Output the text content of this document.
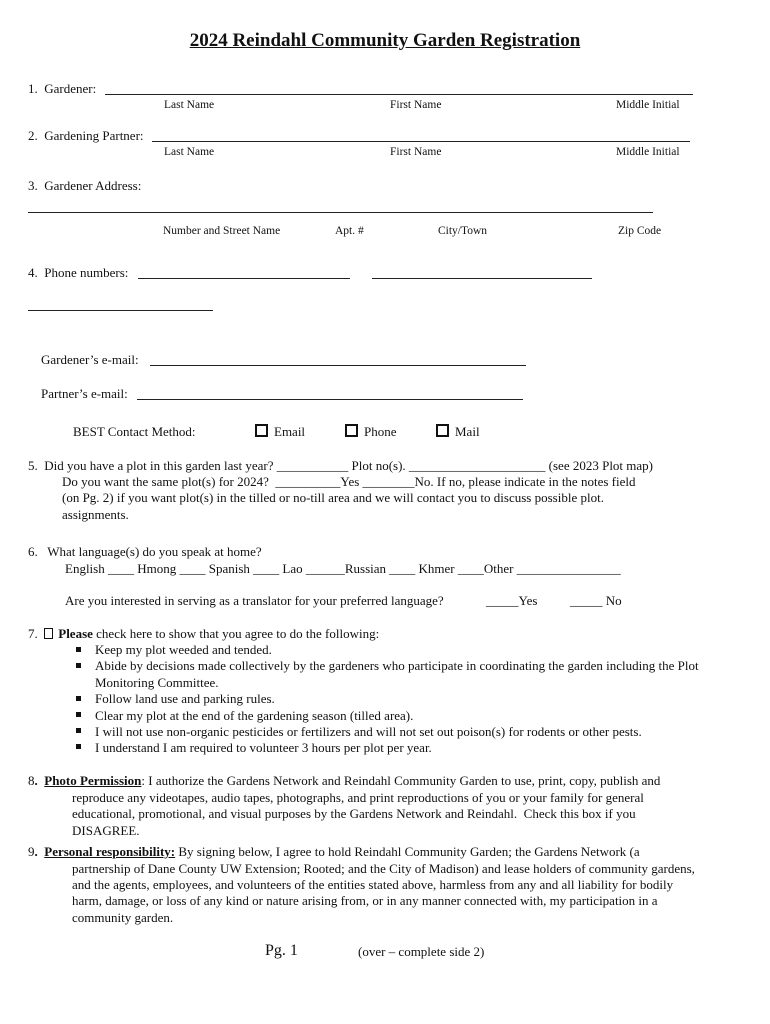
2024 Reindahl Community Garden Registration
1.  Gardener:
Last Name	First Name	Middle Initial
2.  Gardening Partner:
Last Name	First Name	Middle Initial
3.  Gardener Address:
Number and Street Name	Apt. #	City/Town	Zip Code
4.  Phone numbers:
Gardener’s e-mail:
Partner’s e-mail:
BEST Contact Method:	Email	Phone	Mail
5.  Did you have a plot in this garden last year? ___________ Plot no(s). _____________________ (see 2023 Plot map)
Do you want the same plot(s) for 2024?  __________Yes ________No. If no, please indicate in the notes field
(on Pg. 2) if you want plot(s) in the tilled or no-till area and we will contact you to discuss possible plot.
assignments.
6.   What language(s) do you speak at home?
English ____ Hmong ____ Spanish ____ Lao ______Russian ____ Khmer ____Other ________________
Are you interested in serving as a translator for your preferred language?	_____Yes	_____ No
7.  Please check here to show that you agree to do the following:
Keep my plot weeded and tended.
Abide by decisions made collectively by the gardeners who participate in coordinating the garden including the Plot
Monitoring Committee.
Follow land use and parking rules.
Clear my plot at the end of the gardening season (tilled area).
I will not use non-organic pesticides or fertilizers and will not set out poison(s) for rodents or other pests.
I understand I am required to volunteer 3 hours per plot per year.
8.  Photo Permission: I authorize the Gardens Network and Reindahl Community Garden to use, print, copy, publish and
reproduce any videotapes, audio tapes, photographs, and print reproductions of you or your family for general
educational, promotional, and visual purposes by the Gardens Network and Reindahl.  Check this box if you
DISAGREE.
9.  Personal responsibility: By signing below, I agree to hold Reindahl Community Garden; the Gardens Network (a
partnership of Dane County UW Extension; Rooted; and the City of Madison) and lease holders of community gardens,
and the agents, employees, and volunteers of the entities stated above, harmless from any and all liability for bodily
harm, damage, or loss of any kind or nature arising from, or in any manner connected with, my participation in a
community garden.
Pg. 1	(over – complete side 2)
